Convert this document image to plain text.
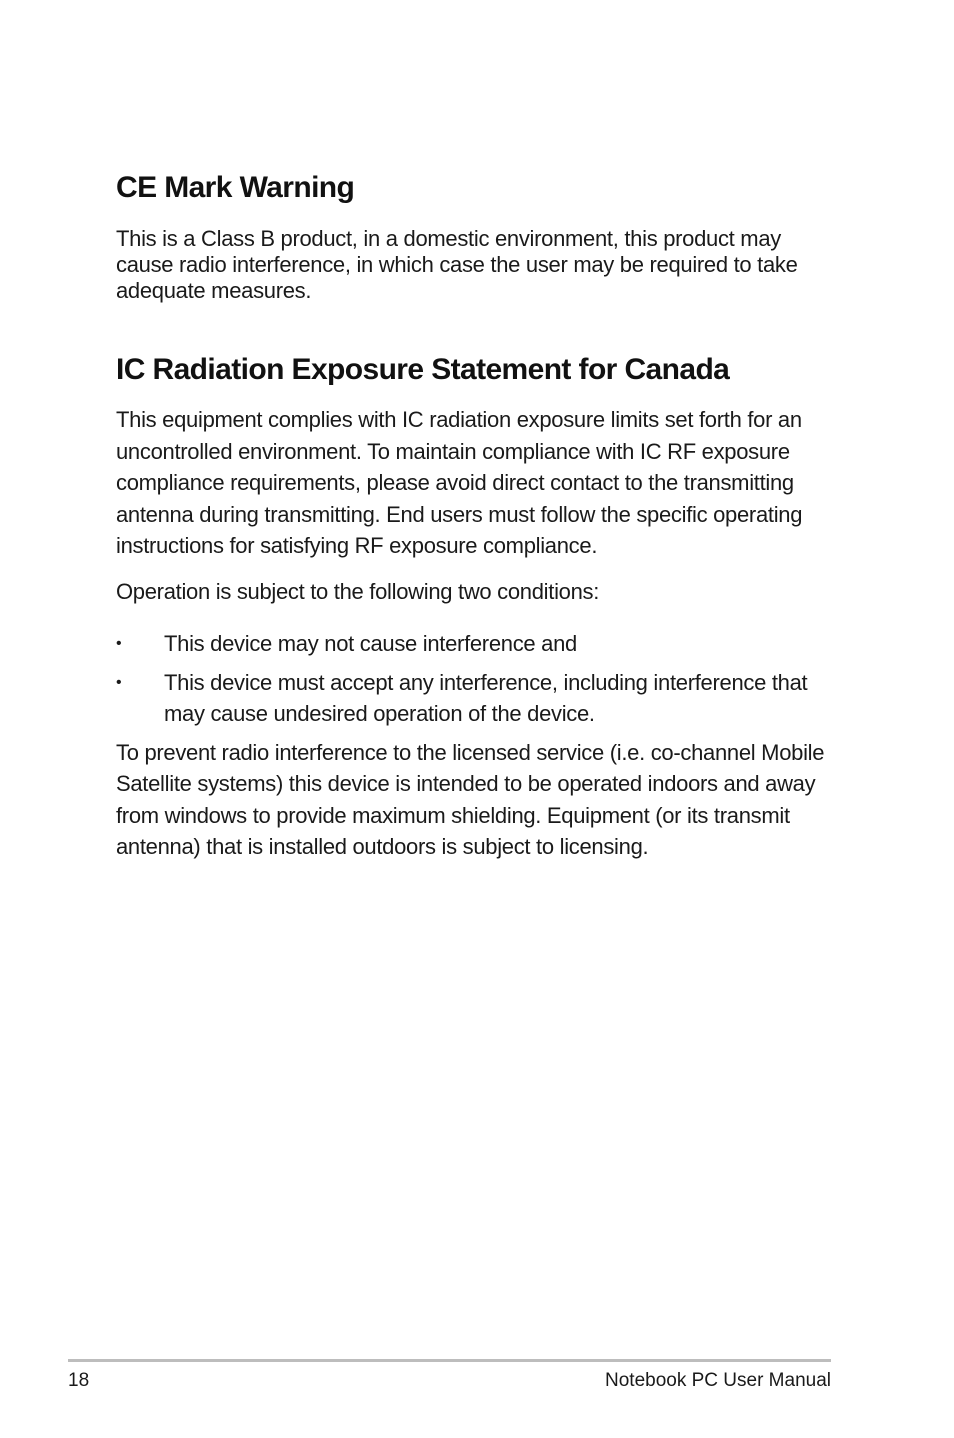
CE Mark Warning

This is a Class B product, in a domestic environment, this product may cause radio interference, in which case the user may be required to take adequate measures.

IC Radiation Exposure Statement for Canada

This equipment complies with IC radiation exposure limits set forth for an uncontrolled environment. To maintain compliance with IC RF exposure compliance requirements, please avoid direct contact to the transmitting antenna during transmitting. End users must follow the specific operating instructions for satisfying RF exposure compliance.

Operation is subject to the following two conditions:

•	This device may not cause interference and
•	This device must accept any interference, including interference that may cause undesired operation of the device.

To prevent radio interference to the licensed service (i.e. co-channel Mobile Satellite systems) this device is intended to be operated indoors and away from windows to provide maximum shielding. Equipment (or its transmit antenna) that is installed outdoors is subject to licensing.

18	Notebook PC User Manual
